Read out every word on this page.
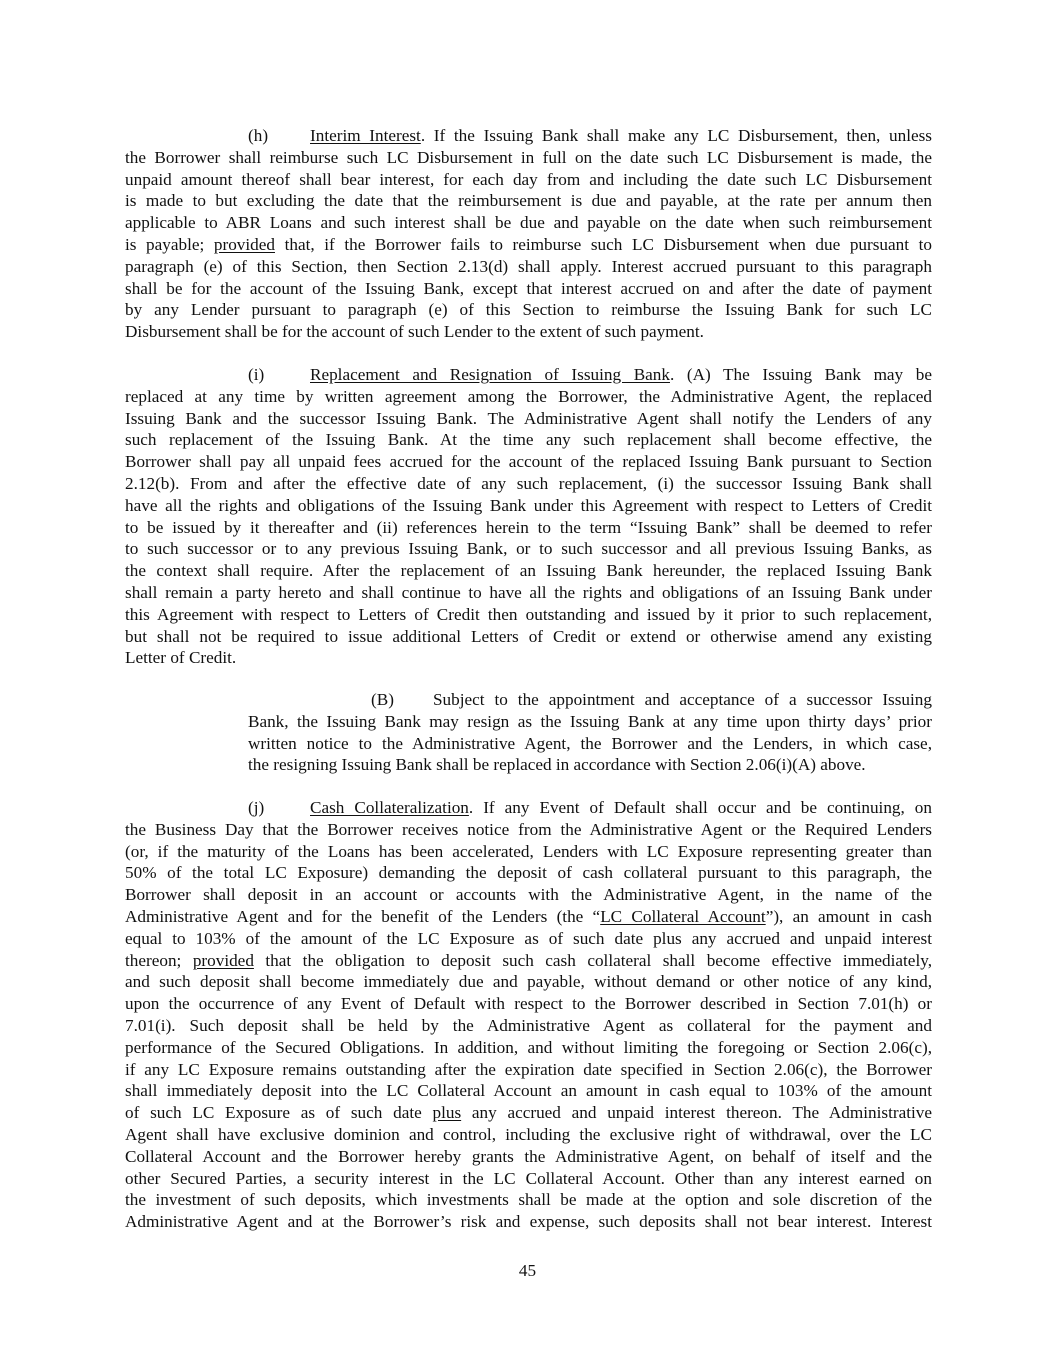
(h) Interim Interest. If the Issuing Bank shall make any LC Disbursement, then, unless
the Borrower shall reimburse such LC Disbursement in full on the date such LC Disbursement is made, the
unpaid amount thereof shall bear interest, for each day from and including the date such LC Disbursement
is made to but excluding the date that the reimbursement is due and payable, at the rate per annum then
applicable to ABR Loans and such interest shall be due and payable on the date when such reimbursement
is payable; provided that, if the Borrower fails to reimburse such LC Disbursement when due pursuant to
paragraph (e) of this Section, then Section 2.13(d) shall apply. Interest accrued pursuant to this paragraph
shall be for the account of the Issuing Bank, except that interest accrued on and after the date of payment
by any Lender pursuant to paragraph (e) of this Section to reimburse the Issuing Bank for such LC
Disbursement shall be for the account of such Lender to the extent of such payment.
(i)	Replacement and Resignation of Issuing Bank. (A) The Issuing Bank may be
replaced at any time by written agreement among the Borrower, the Administrative Agent, the replaced
Issuing Bank and the successor Issuing Bank. The Administrative Agent shall notify the Lenders of any
such replacement of the Issuing Bank. At the time any such replacement shall become effective, the
Borrower shall pay all unpaid fees accrued for the account of the replaced Issuing Bank pursuant to Section
2.12(b). From and after the effective date of any such replacement, (i) the successor Issuing Bank shall
have all the rights and obligations of the Issuing Bank under this Agreement with respect to Letters of Credit
to be issued by it thereafter and (ii) references herein to the term “Issuing Bank” shall be deemed to refer
to such successor or to any previous Issuing Bank, or to such successor and all previous Issuing Banks, as
the context shall require. After the replacement of an Issuing Bank hereunder, the replaced Issuing Bank
shall remain a party hereto and shall continue to have all the rights and obligations of an Issuing Bank under
this Agreement with respect to Letters of Credit then outstanding and issued by it prior to such replacement,
but shall not be required to issue additional Letters of Credit or extend or otherwise amend any existing
Letter of Credit.
(B) Subject to the appointment and acceptance of a successor Issuing
Bank, the Issuing Bank may resign as the Issuing Bank at any time upon thirty days’ prior
written notice to the Administrative Agent, the Borrower and the Lenders, in which case,
the resigning Issuing Bank shall be replaced in accordance with Section 2.06(i)(A) above.
(j)	Cash Collateralization. If any Event of Default shall occur and be continuing, on
the Business Day that the Borrower receives notice from the Administrative Agent or the Required Lenders
(or, if the maturity of the Loans has been accelerated, Lenders with LC Exposure representing greater than
50% of the total LC Exposure) demanding the deposit of cash collateral pursuant to this paragraph, the
Borrower shall deposit in an account or accounts with the Administrative Agent, in the name of the
Administrative Agent and for the benefit of the Lenders (the “LC Collateral Account”), an amount in cash
equal to 103% of the amount of the LC Exposure as of such date plus any accrued and unpaid interest
thereon; provided that the obligation to deposit such cash collateral shall become effective immediately,
and such deposit shall become immediately due and payable, without demand or other notice of any kind,
upon the occurrence of any Event of Default with respect to the Borrower described in Section 7.01(h) or
7.01(i). Such deposit shall be held by the Administrative Agent as collateral for the payment and
performance of the Secured Obligations. In addition, and without limiting the foregoing or Section 2.06(c),
if any LC Exposure remains outstanding after the expiration date specified in Section 2.06(c), the Borrower
shall immediately deposit into the LC Collateral Account an amount in cash equal to 103% of the amount
of such LC Exposure as of such date plus any accrued and unpaid interest thereon. The Administrative
Agent shall have exclusive dominion and control, including the exclusive right of withdrawal, over the LC
Collateral Account and the Borrower hereby grants the Administrative Agent, on behalf of itself and the
other Secured Parties, a security interest in the LC Collateral Account. Other than any interest earned on
the investment of such deposits, which investments shall be made at the option and sole discretion of the
Administrative Agent and at the Borrower’s risk and expense, such deposits shall not bear interest. Interest
45
